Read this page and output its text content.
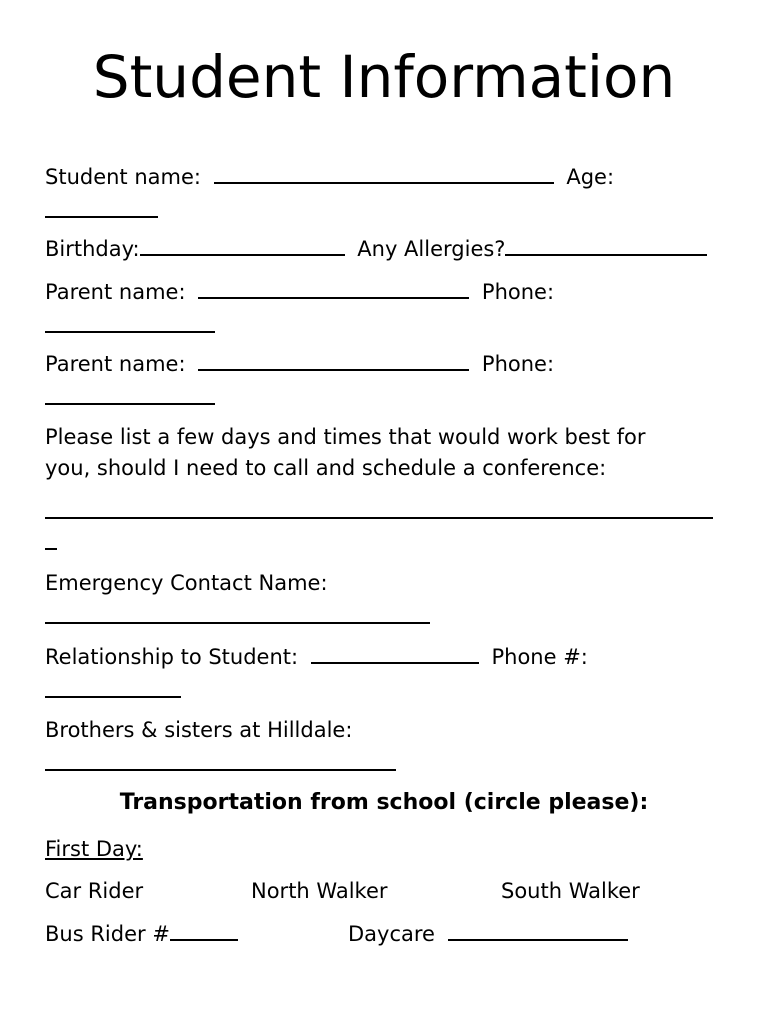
Student Information
Student name:	Age:
Birthday:	Any Allergies?
Parent name:	Phone:
Parent name:	Phone:
Please list a few days and times that would work best for
you, should I need to call and schedule a conference:
Emergency Contact Name:
Relationship to Student:	Phone #:
Brothers & sisters at Hilldale:
Transportation from school (circle please):
First Day:
Car Rider	North Walker	South Walker
Bus Rider #	Daycare
